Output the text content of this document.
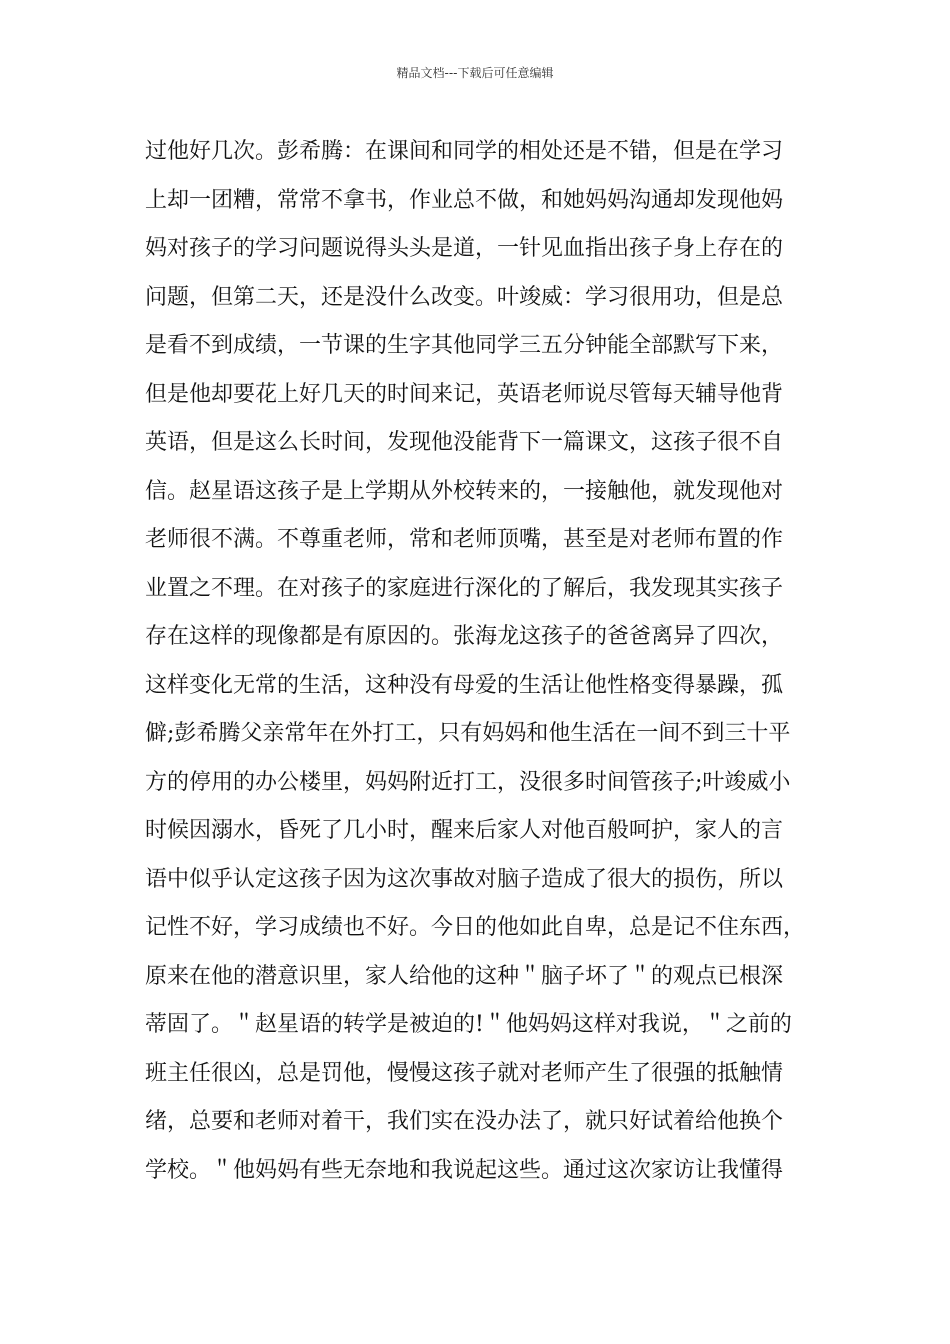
精品文档---下载后可任意编辑
过他好几次。彭希腾：在课间和同学的相处还是不错，但是在学习
上却一团糟，常常不拿书，作业总不做，和她妈妈沟通却发现他妈
妈对孩子的学习问题说得头头是道，一针见血指出孩子身上存在的
问题，但第二天，还是没什么改变。叶竣威：学习很用功，但是总
是看不到成绩，一节课的生字其他同学三五分钟能全部默写下来，
但是他却要花上好几天的时间来记，英语老师说尽管每天辅导他背
英语，但是这么长时间，发现他没能背下一篇课文，这孩子很不自
信。赵星语这孩子是上学期从外校转来的，一接触他，就发现他对
老师很不满。不尊重老师，常和老师顶嘴，甚至是对老师布置的作
业置之不理。在对孩子的家庭进行深化的了解后，我发现其实孩子
存在这样的现像都是有原因的。张海龙这孩子的爸爸离异了四次，
这样变化无常的生活，这种没有母爱的生活让他性格变得暴躁，孤
僻;彭希腾父亲常年在外打工，只有妈妈和他生活在一间不到三十平
方的停用的办公楼里，妈妈附近打工，没很多时间管孩子;叶竣威小
时候因溺水，昏死了几小时，醒来后家人对他百般呵护，家人的言
语中似乎认定这孩子因为这次事故对脑子造成了很大的损伤，所以
记性不好，学习成绩也不好。今日的他如此自卑，总是记不住东西，
原来在他的潜意识里，家人给他的这种＂脑子坏了＂的观点已根深
蒂固了。＂赵星语的转学是被迫的!＂他妈妈这样对我说，＂之前的
班主任很凶，总是罚他，慢慢这孩子就对老师产生了很强的抵触情
绪，总要和老师对着干，我们实在没办法了，就只好试着给他换个
学校。＂他妈妈有些无奈地和我说起这些。通过这次家访让我懂得
